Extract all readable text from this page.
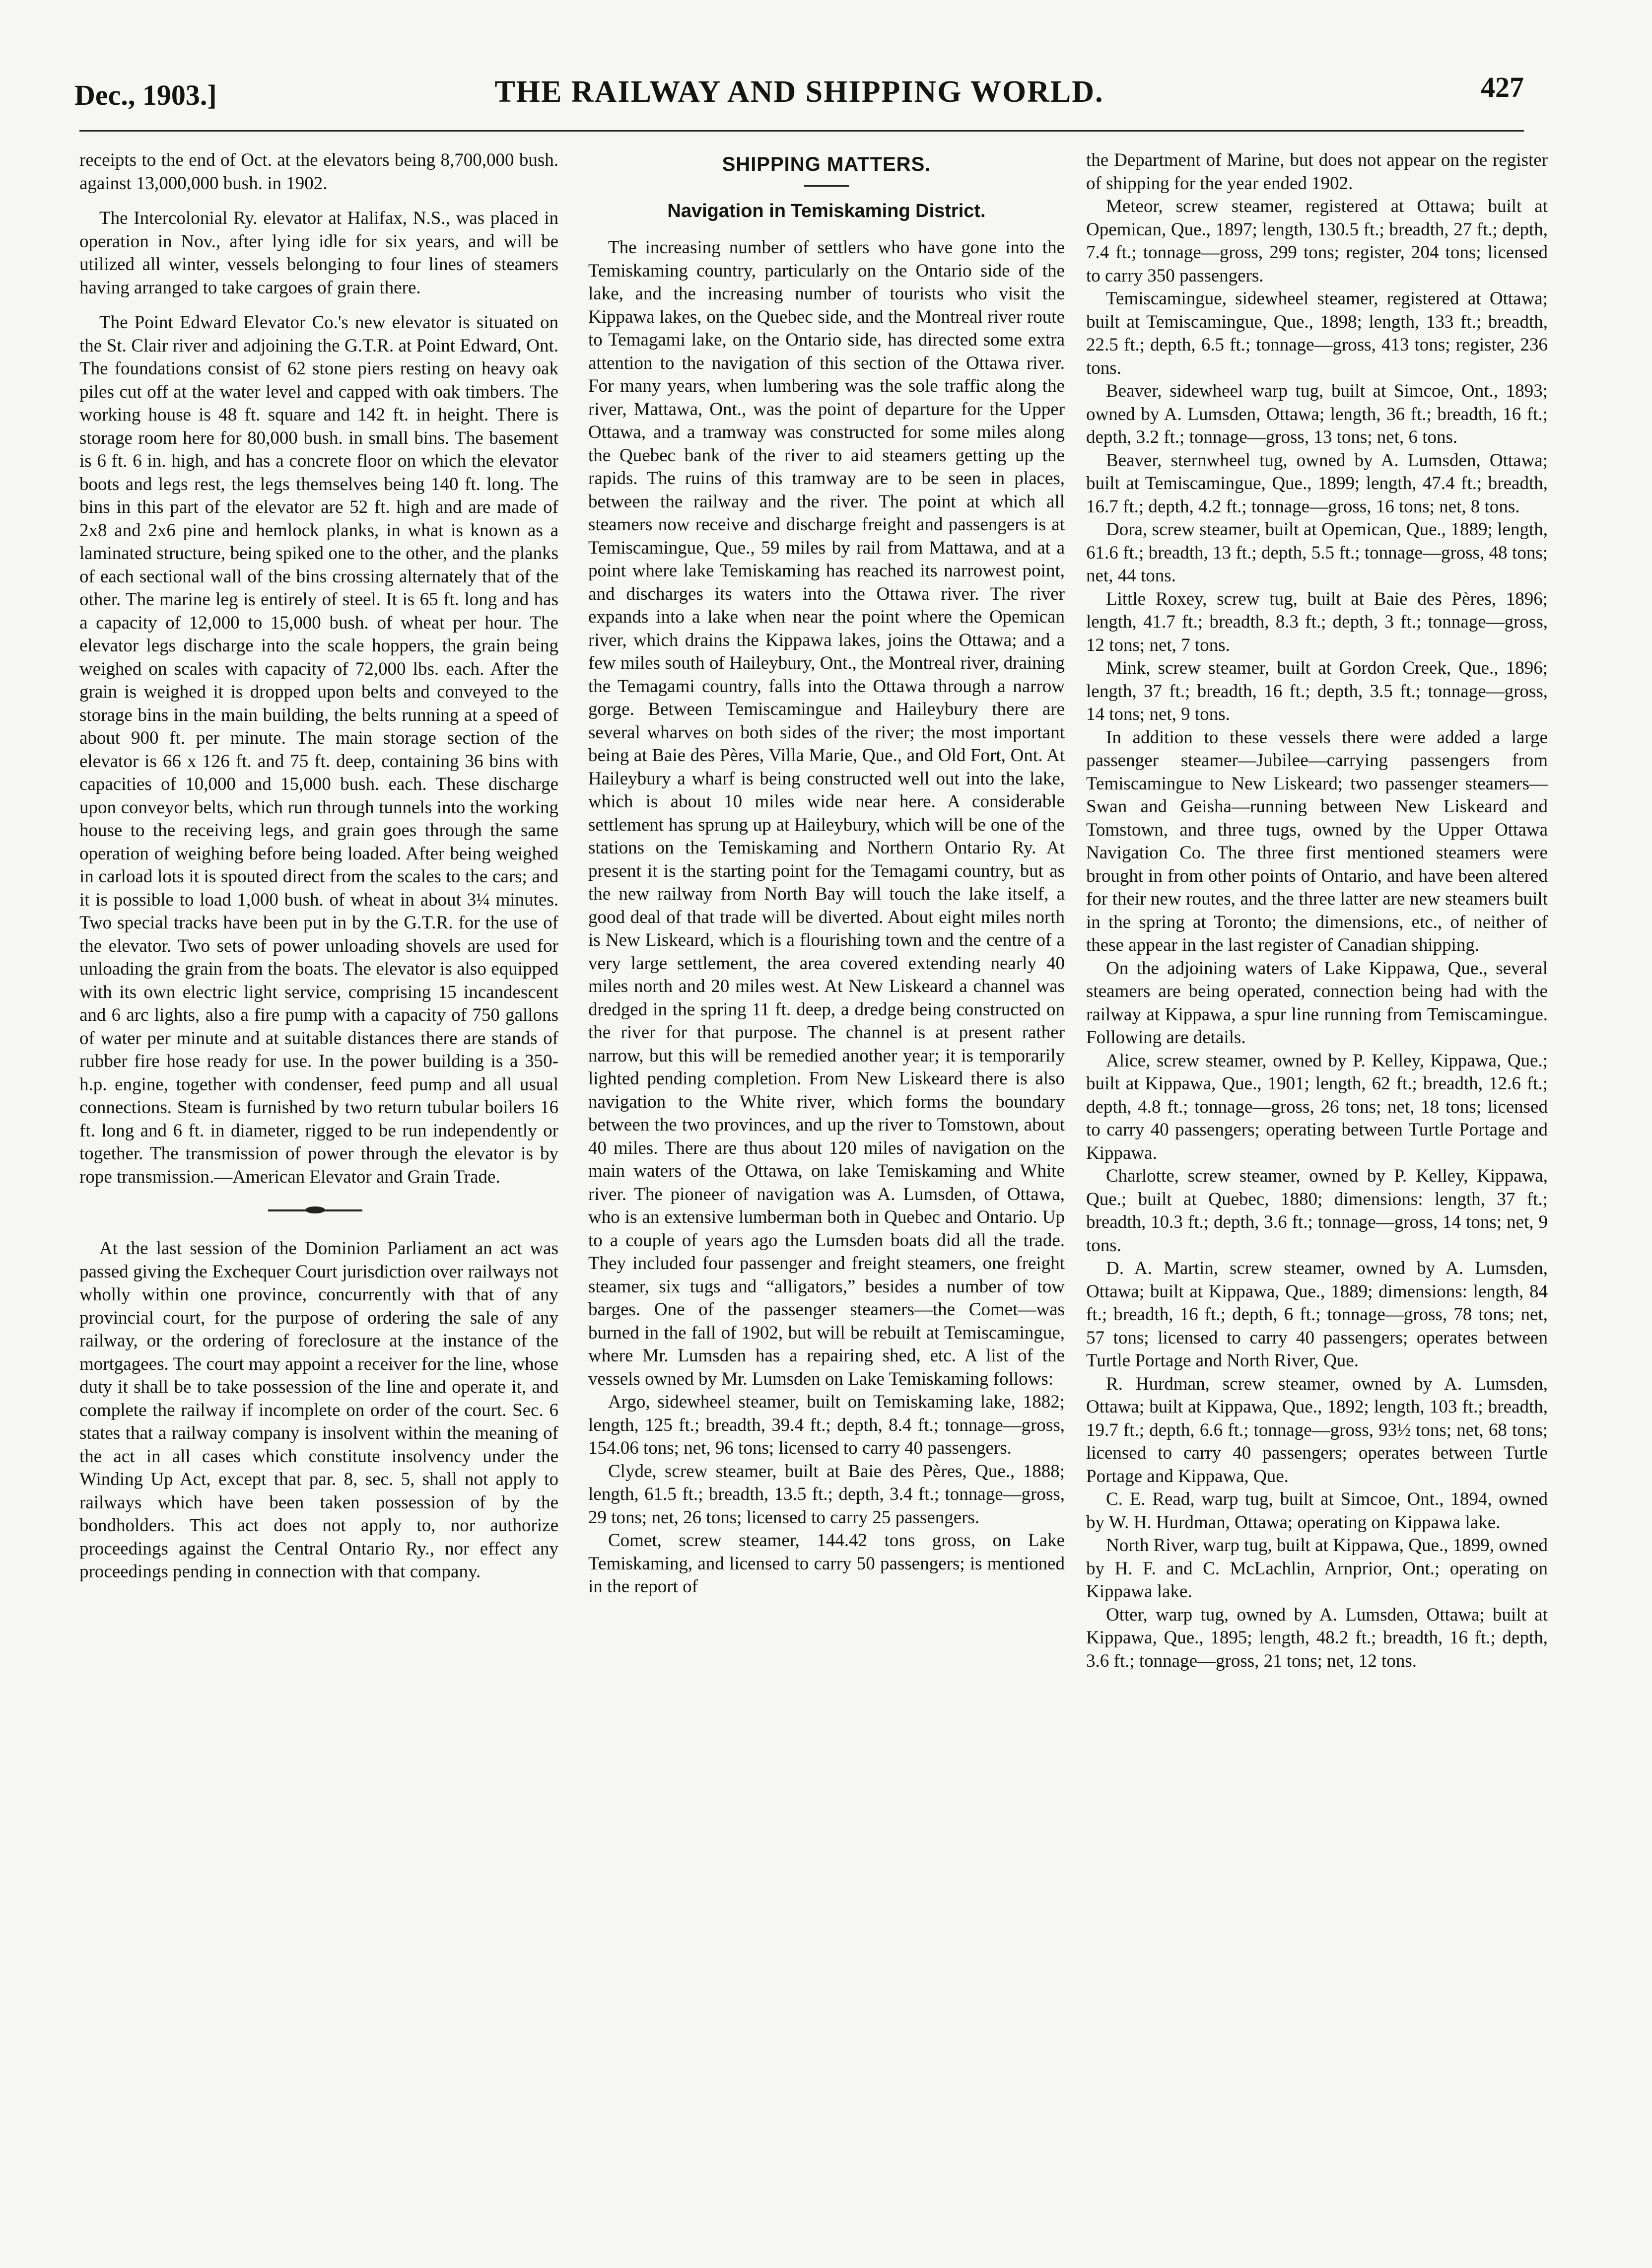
Dec., 1903.]	THE RAILWAY AND SHIPPING WORLD.	427

receipts to the end of Oct. at the elevators being 8,700,000 bush. against 13,000,000 bush. in 1902.

The Intercolonial Ry. elevator at Halifax, N.S., was placed in operation in Nov., after lying idle for six years, and will be utilized all winter, vessels belonging to four lines of steamers having arranged to take cargoes of grain there.

The Point Edward Elevator Co.'s new elevator is situated on the St. Clair river and adjoining the G.T.R. at Point Edward, Ont. The foundations consist of 62 stone piers resting on heavy oak piles cut off at the water level and capped with oak timbers. The working house is 48 ft. square and 142 ft. in height. There is storage room here for 80,000 bush. in small bins. The basement is 6 ft. 6 in. high, and has a concrete floor on which the elevator boots and legs rest, the legs themselves being 140 ft. long. The bins in this part of the elevator are 52 ft. high and are made of 2x8 and 2x6 pine and hemlock planks, in what is known as a laminated structure, being spiked one to the other, and the planks of each sectional wall of the bins crossing alternately that of the other. The marine leg is entirely of steel. It is 65 ft. long and has a capacity of 12,000 to 15,000 bush. of wheat per hour. The elevator legs discharge into the scale hoppers, the grain being weighed on scales with capacity of 72,000 lbs. each. After the grain is weighed it is dropped upon belts and conveyed to the storage bins in the main building, the belts running at a speed of about 900 ft. per minute. The main storage section of the elevator is 66 x 126 ft. and 75 ft. deep, containing 36 bins with capacities of 10,000 and 15,000 bush. each. These discharge upon conveyor belts, which run through tunnels into the working house to the receiving legs, and grain goes through the same operation of weighing before being loaded. After being weighed in carload lots it is spouted direct from the scales to the cars; and it is possible to load 1,000 bush. of wheat in about 3¼ minutes. Two special tracks have been put in by the G.T.R. for the use of the elevator. Two sets of power unloading shovels are used for unloading the grain from the boats. The elevator is also equipped with its own electric light service, comprising 15 incandescent and 6 arc lights, also a fire pump with a capacity of 750 gallons of water per minute and at suitable distances there are stands of rubber fire hose ready for use. In the power building is a 350-h.p. engine, together with condenser, feed pump and all usual connections. Steam is furnished by two return tubular boilers 16 ft. long and 6 ft. in diameter, rigged to be run independently or together. The transmission of power through the elevator is by rope transmission.—American Elevator and Grain Trade.

At the last session of the Dominion Parliament an act was passed giving the Exchequer Court jurisdiction over railways not wholly within one province, concurrently with that of any provincial court, for the purpose of ordering the sale of any railway, or the ordering of foreclosure at the instance of the mortgagees. The court may appoint a receiver for the line, whose duty it shall be to take possession of the line and operate it, and complete the railway if incomplete on order of the court. Sec. 6 states that a railway company is insolvent within the meaning of the act in all cases which constitute insolvency under the Winding Up Act, except that par. 8, sec. 5, shall not apply to railways which have been taken possession of by the bondholders. This act does not apply to, nor authorize proceedings against the Central Ontario Ry., nor effect any proceedings pending in connection with that company.

SHIPPING MATTERS.
Navigation in Temiskaming District.

The increasing number of settlers who have gone into the Temiskaming country, particularly on the Ontario side of the lake, and the increasing number of tourists who visit the Kippawa lakes, on the Quebec side, and the Montreal river route to Temagami lake, on the Ontario side, has directed some extra attention to the navigation of this section of the Ottawa river. For many years, when lumbering was the sole traffic along the river, Mattawa, Ont., was the point of departure for the Upper Ottawa, and a tramway was constructed for some miles along the Quebec bank of the river to aid steamers getting up the rapids. The ruins of this tramway are to be seen in places, between the railway and the river. The point at which all steamers now receive and discharge freight and passengers is at Temiscamingue, Que., 59 miles by rail from Mattawa, and at a point where lake Temiskaming has reached its narrowest point, and discharges its waters into the Ottawa river. The river expands into a lake when near the point where the Opemican river, which drains the Kippawa lakes, joins the Ottawa; and a few miles south of Haileybury, Ont., the Montreal river, draining the Temagami country, falls into the Ottawa through a narrow gorge. Between Temiscamingue and Haileybury there are several wharves on both sides of the river; the most important being at Baie des Pères, Villa Marie, Que., and Old Fort, Ont. At Haileybury a wharf is being constructed well out into the lake, which is about 10 miles wide near here. A considerable settlement has sprung up at Haileybury, which will be one of the stations on the Temiskaming and Northern Ontario Ry. At present it is the starting point for the Temagami country, but as the new railway from North Bay will touch the lake itself, a good deal of that trade will be diverted. About eight miles north is New Liskeard, which is a flourishing town and the centre of a very large settlement, the area covered extending nearly 40 miles north and 20 miles west. At New Liskeard a channel was dredged in the spring 11 ft. deep, a dredge being constructed on the river for that purpose. The channel is at present rather narrow, but this will be remedied another year; it is temporarily lighted pending completion. From New Liskeard there is also navigation to the White river, which forms the boundary between the two provinces, and up the river to Tomstown, about 40 miles. There are thus about 120 miles of navigation on the main waters of the Ottawa, on lake Temiskaming and White river. The pioneer of navigation was A. Lumsden, of Ottawa, who is an extensive lumberman both in Quebec and Ontario. Up to a couple of years ago the Lumsden boats did all the trade. They included four passenger and freight steamers, one freight steamer, six tugs and “alligators,” besides a number of tow barges. One of the passenger steamers—the Comet—was burned in the fall of 1902, but will be rebuilt at Temiscamingue, where Mr. Lumsden has a repairing shed, etc. A list of the vessels owned by Mr. Lumsden on Lake Temiskaming follows:

Argo, sidewheel steamer, built on Temiskaming lake, 1882; length, 125 ft.; breadth, 39.4 ft.; depth, 8.4 ft.; tonnage—gross, 154.06 tons; net, 96 tons; licensed to carry 40 passengers.

Clyde, screw steamer, built at Baie des Pères, Que., 1888; length, 61.5 ft.; breadth, 13.5 ft.; depth, 3.4 ft.; tonnage—gross, 29 tons; net, 26 tons; licensed to carry 25 passengers.

Comet, screw steamer, 144.42 tons gross, on Lake Temiskaming, and licensed to carry 50 passengers; is mentioned in the report of

the Department of Marine, but does not appear on the register of shipping for the year ended 1902.

Meteor, screw steamer, registered at Ottawa; built at Opemican, Que., 1897; length, 130.5 ft.; breadth, 27 ft.; depth, 7.4 ft.; tonnage—gross, 299 tons; register, 204 tons; licensed to carry 350 passengers.

Temiscamingue, sidewheel steamer, registered at Ottawa; built at Temiscamingue, Que., 1898; length, 133 ft.; breadth, 22.5 ft.; depth, 6.5 ft.; tonnage—gross, 413 tons; register, 236 tons.

Beaver, sidewheel warp tug, built at Simcoe, Ont., 1893; owned by A. Lumsden, Ottawa; length, 36 ft.; breadth, 16 ft.; depth, 3.2 ft.; tonnage—gross, 13 tons; net, 6 tons.

Beaver, sternwheel tug, owned by A. Lumsden, Ottawa; built at Temiscamingue, Que., 1899; length, 47.4 ft.; breadth, 16.7 ft.; depth, 4.2 ft.; tonnage—gross, 16 tons; net, 8 tons.

Dora, screw steamer, built at Opemican, Que., 1889; length, 61.6 ft.; breadth, 13 ft.; depth, 5.5 ft.; tonnage—gross, 48 tons; net, 44 tons.

Little Roxey, screw tug, built at Baie des Pères, 1896; length, 41.7 ft.; breadth, 8.3 ft.; depth, 3 ft.; tonnage—gross, 12 tons; net, 7 tons.

Mink, screw steamer, built at Gordon Creek, Que., 1896; length, 37 ft.; breadth, 16 ft.; depth, 3.5 ft.; tonnage—gross, 14 tons; net, 9 tons.

In addition to these vessels there were added a large passenger steamer—Jubilee—carrying passengers from Temiscamingue to New Liskeard; two passenger steamers—Swan and Geisha—running between New Liskeard and Tomstown, and three tugs, owned by the Upper Ottawa Navigation Co. The three first mentioned steamers were brought in from other points of Ontario, and have been altered for their new routes, and the three latter are new steamers built in the spring at Toronto; the dimensions, etc., of neither of these appear in the last register of Canadian shipping.

On the adjoining waters of Lake Kippawa, Que., several steamers are being operated, connection being had with the railway at Kippawa, a spur line running from Temiscamingue. Following are details.

Alice, screw steamer, owned by P. Kelley, Kippawa, Que.; built at Kippawa, Que., 1901; length, 62 ft.; breadth, 12.6 ft.; depth, 4.8 ft.; tonnage—gross, 26 tons; net, 18 tons; licensed to carry 40 passengers; operating between Turtle Portage and Kippawa.

Charlotte, screw steamer, owned by P. Kelley, Kippawa, Que.; built at Quebec, 1880; dimensions: length, 37 ft.; breadth, 10.3 ft.; depth, 3.6 ft.; tonnage—gross, 14 tons; net, 9 tons.

D. A. Martin, screw steamer, owned by A. Lumsden, Ottawa; built at Kippawa, Que., 1889; dimensions: length, 84 ft.; breadth, 16 ft.; depth, 6 ft.; tonnage—gross, 78 tons; net, 57 tons; licensed to carry 40 passengers; operates between Turtle Portage and North River, Que.

R. Hurdman, screw steamer, owned by A. Lumsden, Ottawa; built at Kippawa, Que., 1892; length, 103 ft.; breadth, 19.7 ft.; depth, 6.6 ft.; tonnage—gross, 93½ tons; net, 68 tons; licensed to carry 40 passengers; operates between Turtle Portage and Kippawa, Que.

C. E. Read, warp tug, built at Simcoe, Ont., 1894, owned by W. H. Hurdman, Ottawa; operating on Kippawa lake.

North River, warp tug, built at Kippawa, Que., 1899, owned by H. F. and C. McLachlin, Arnprior, Ont.; operating on Kippawa lake.

Otter, warp tug, owned by A. Lumsden, Ottawa; built at Kippawa, Que., 1895; length, 48.2 ft.; breadth, 16 ft.; depth, 3.6 ft.; tonnage—gross, 21 tons; net, 12 tons.
